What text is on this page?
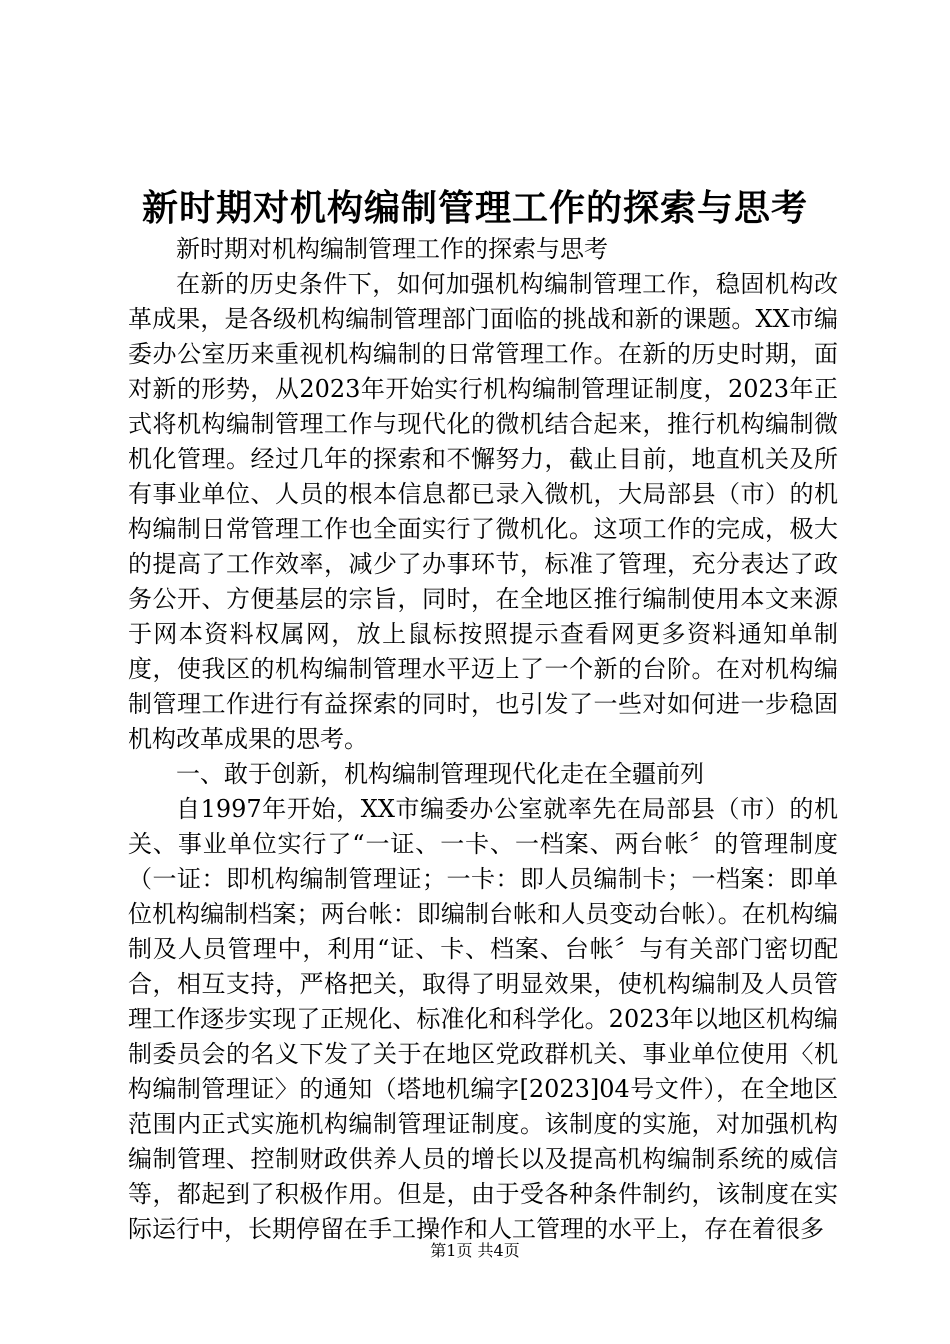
新时期对机构编制管理工作的探索与思考

新时期对机构编制管理工作的探索与思考

在新的历史条件下，如何加强机构编制管理工作，稳固机构改革成果，是各级机构编制管理部门面临的挑战和新的课题。XX市编委办公室历来重视机构编制的日常管理工作。在新的历史时期，面对新的形势，从2023年开始实行机构编制管理证制度，2023年正式将机构编制管理工作与现代化的微机结合起来，推行机构编制微机化管理。经过几年的探索和不懈努力，截止目前，地直机关及所有事业单位、人员的根本信息都已录入微机，大局部县（市）的机构编制日常管理工作也全面实行了微机化。这项工作的完成，极大的提高了工作效率，减少了办事环节，标准了管理，充分表达了政务公开、方便基层的宗旨，同时，在全地区推行编制使用本文来源于网本资料权属网，放上鼠标按照提示查看网更多资料通知单制度，使我区的机构编制管理水平迈上了一个新的台阶。在对机构编制管理工作进行有益探索的同时，也引发了一些对如何进一步稳固机构改革成果的思考。

一、敢于创新，机构编制管理现代化走在全疆前列

自1997年开始，XX市编委办公室就率先在局部县（市）的机关、事业单位实行了“一证、一卡、一档案、两台帐〞的管理制度（一证：即机构编制管理证；一卡：即人员编制卡；一档案：即单位机构编制档案；两台帐：即编制台帐和人员变动台帐）。在机构编制及人员管理中，利用“证、卡、档案、台帐〞与有关部门密切配合，相互支持，严格把关，取得了明显效果，使机构编制及人员管理工作逐步实现了正规化、标准化和科学化。2023年以地区机构编制委员会的名义下发了关于在地区党政群机关、事业单位使用〈机构编制管理证〉的通知（塔地机编字[2023]04号文件），在全地区范围内正式实施机构编制管理证制度。该制度的实施，对加强机构编制管理、控制财政供养人员的增长以及提高机构编制系统的威信等，都起到了积极作用。但是，由于受各种条件制约，该制度在实际运行中，长期停留在手工操作和人工管理的水平上，存在着很多

第1页 共4页
